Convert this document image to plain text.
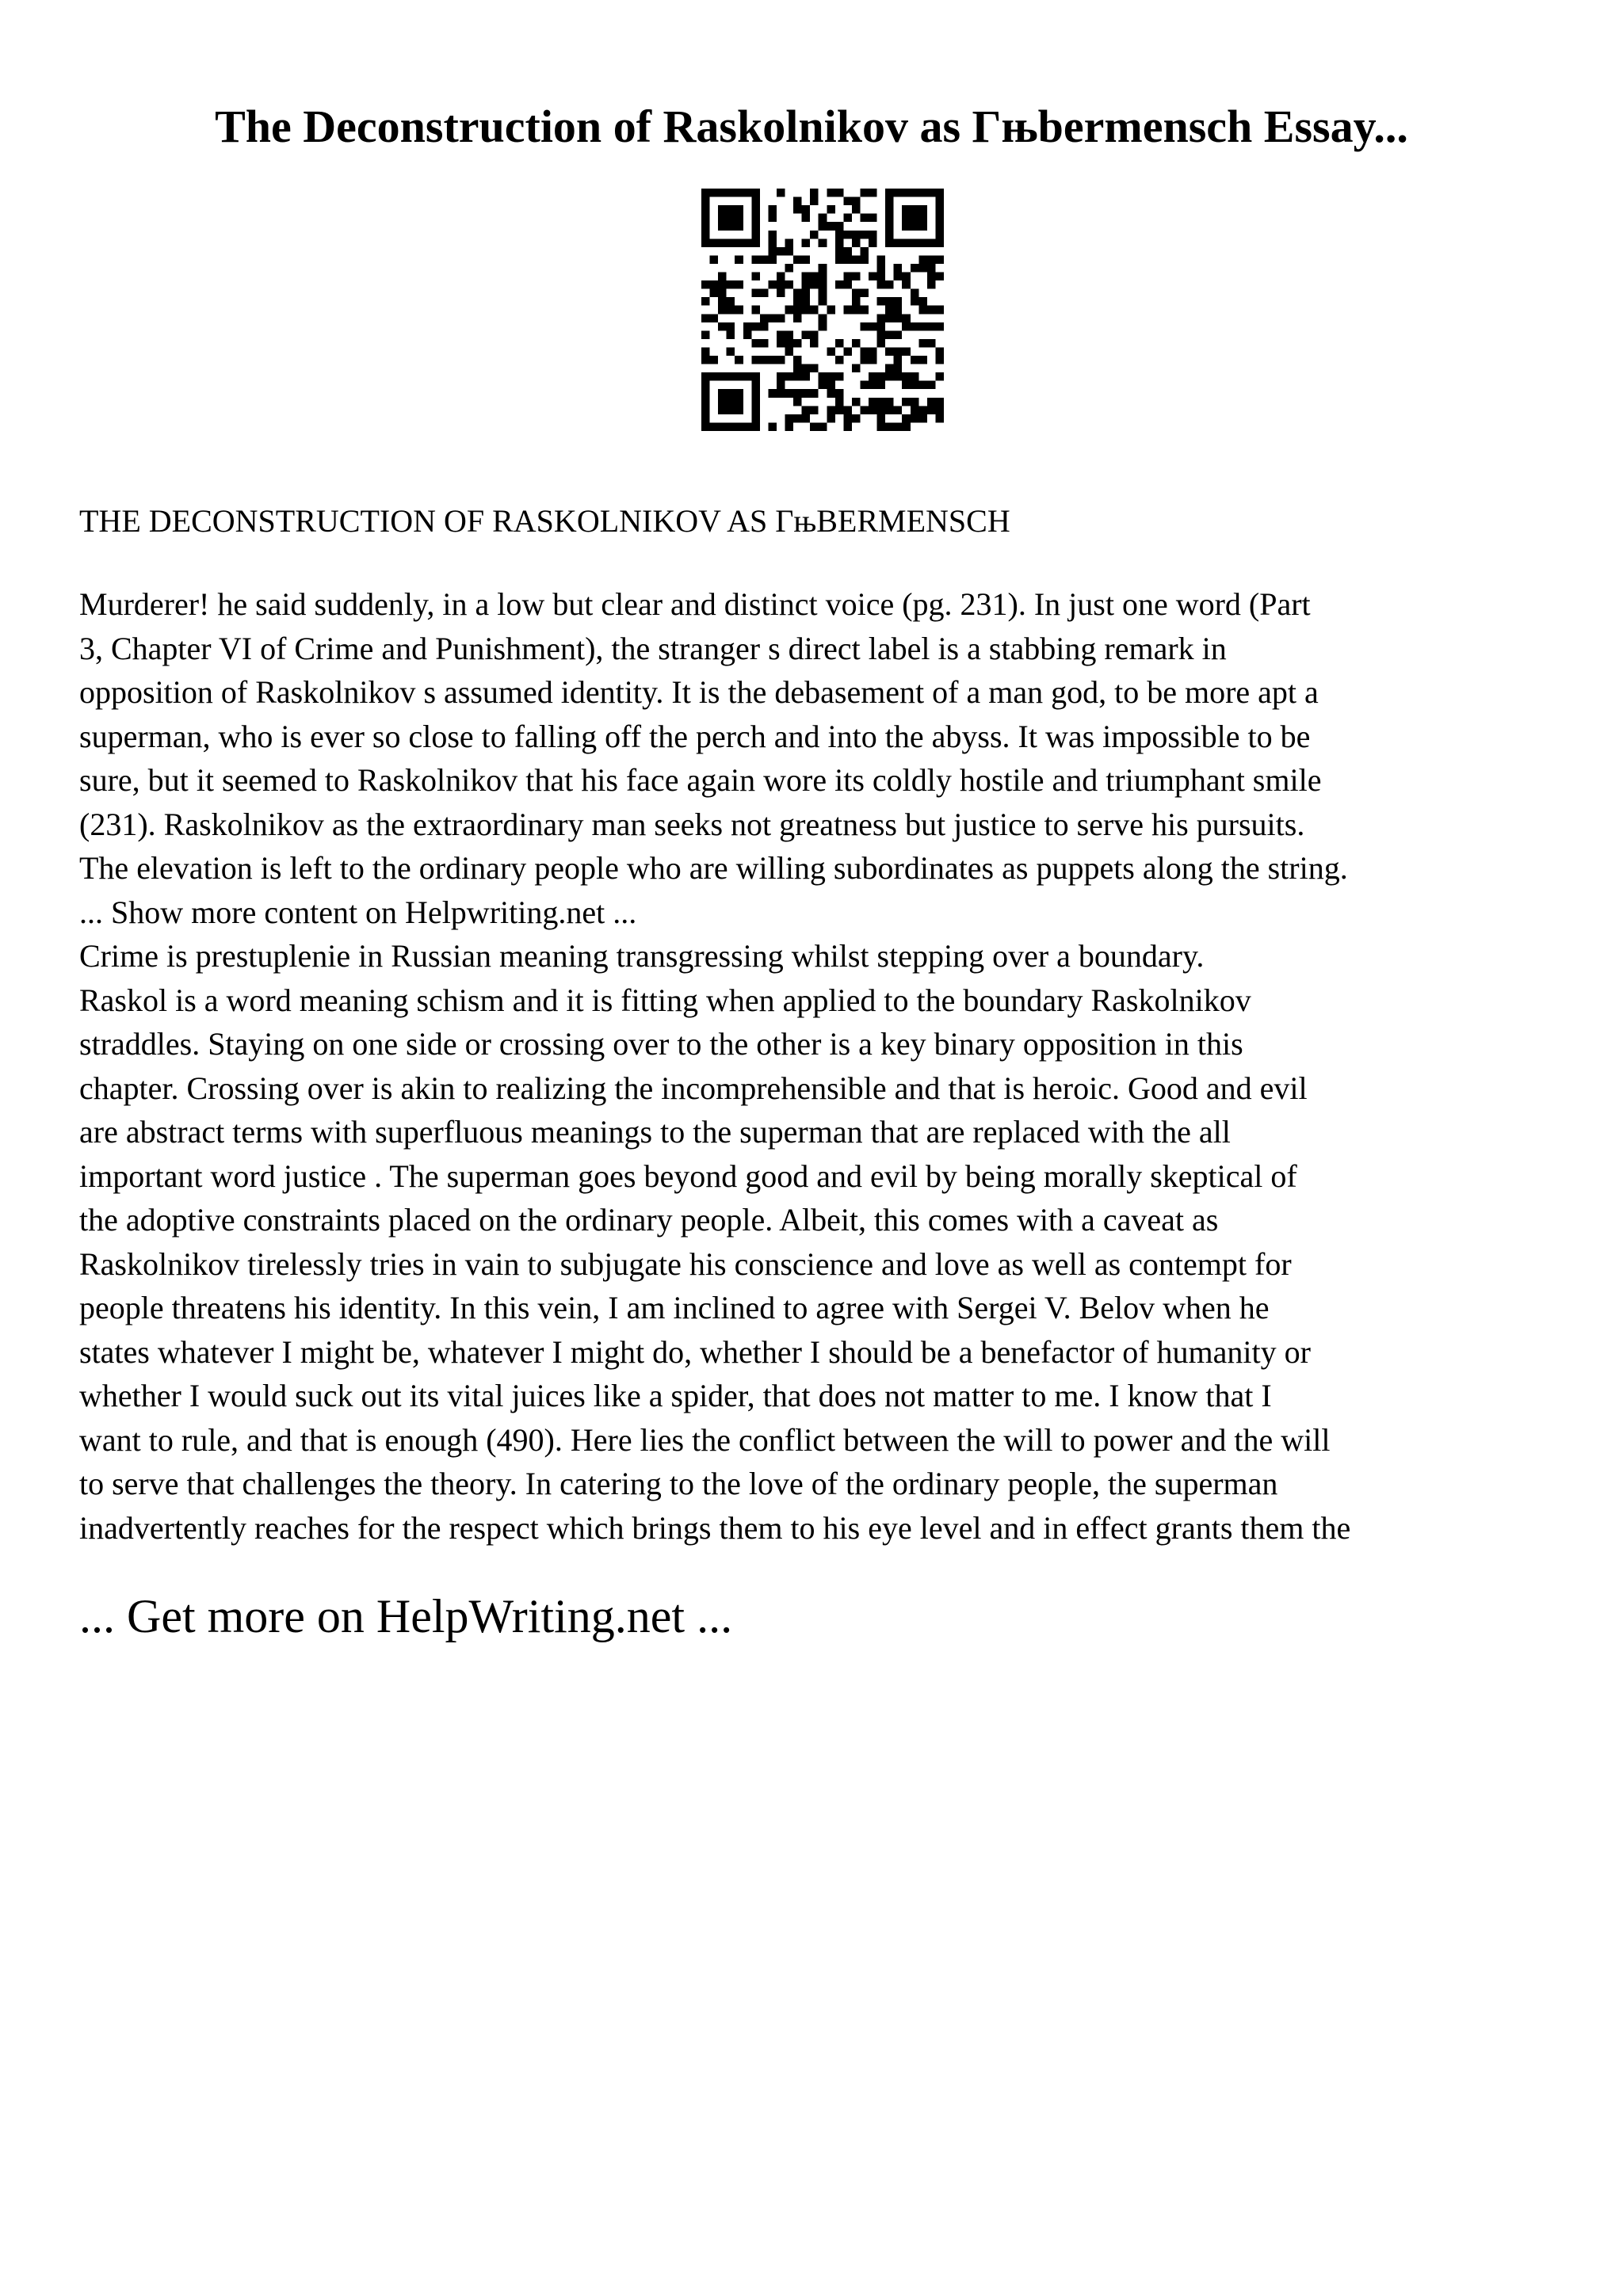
The Deconstruction of Raskolnikov as Гњbermensch Essay...

THE DECONSTRUCTION OF RASKOLNIKOV AS ГњBERMENSCH

Murderer! he said suddenly, in a low but clear and distinct voice (pg. 231). In just one word (Part
3, Chapter VI of Crime and Punishment), the stranger s direct label is a stabbing remark in
opposition of Raskolnikov s assumed identity. It is the debasement of a man god, to be more apt a
superman, who is ever so close to falling off the perch and into the abyss. It was impossible to be
sure, but it seemed to Raskolnikov that his face again wore its coldly hostile and triumphant smile
(231). Raskolnikov as the extraordinary man seeks not greatness but justice to serve his pursuits.
The elevation is left to the ordinary people who are willing subordinates as puppets along the string.
... Show more content on Helpwriting.net ...
Crime is prestuplenie in Russian meaning transgressing whilst stepping over a boundary.
Raskol is a word meaning schism and it is fitting when applied to the boundary Raskolnikov
straddles. Staying on one side or crossing over to the other is a key binary opposition in this
chapter. Crossing over is akin to realizing the incomprehensible and that is heroic. Good and evil
are abstract terms with superfluous meanings to the superman that are replaced with the all
important word justice . The superman goes beyond good and evil by being morally skeptical of
the adoptive constraints placed on the ordinary people. Albeit, this comes with a caveat as
Raskolnikov tirelessly tries in vain to subjugate his conscience and love as well as contempt for
people threatens his identity. In this vein, I am inclined to agree with Sergei V. Belov when he
states whatever I might be, whatever I might do, whether I should be a benefactor of humanity or
whether I would suck out its vital juices like a spider, that does not matter to me. I know that I
want to rule, and that is enough (490). Here lies the conflict between the will to power and the will
to serve that challenges the theory. In catering to the love of the ordinary people, the superman
inadvertently reaches for the respect which brings them to his eye level and in effect grants them the

... Get more on HelpWriting.net ...
